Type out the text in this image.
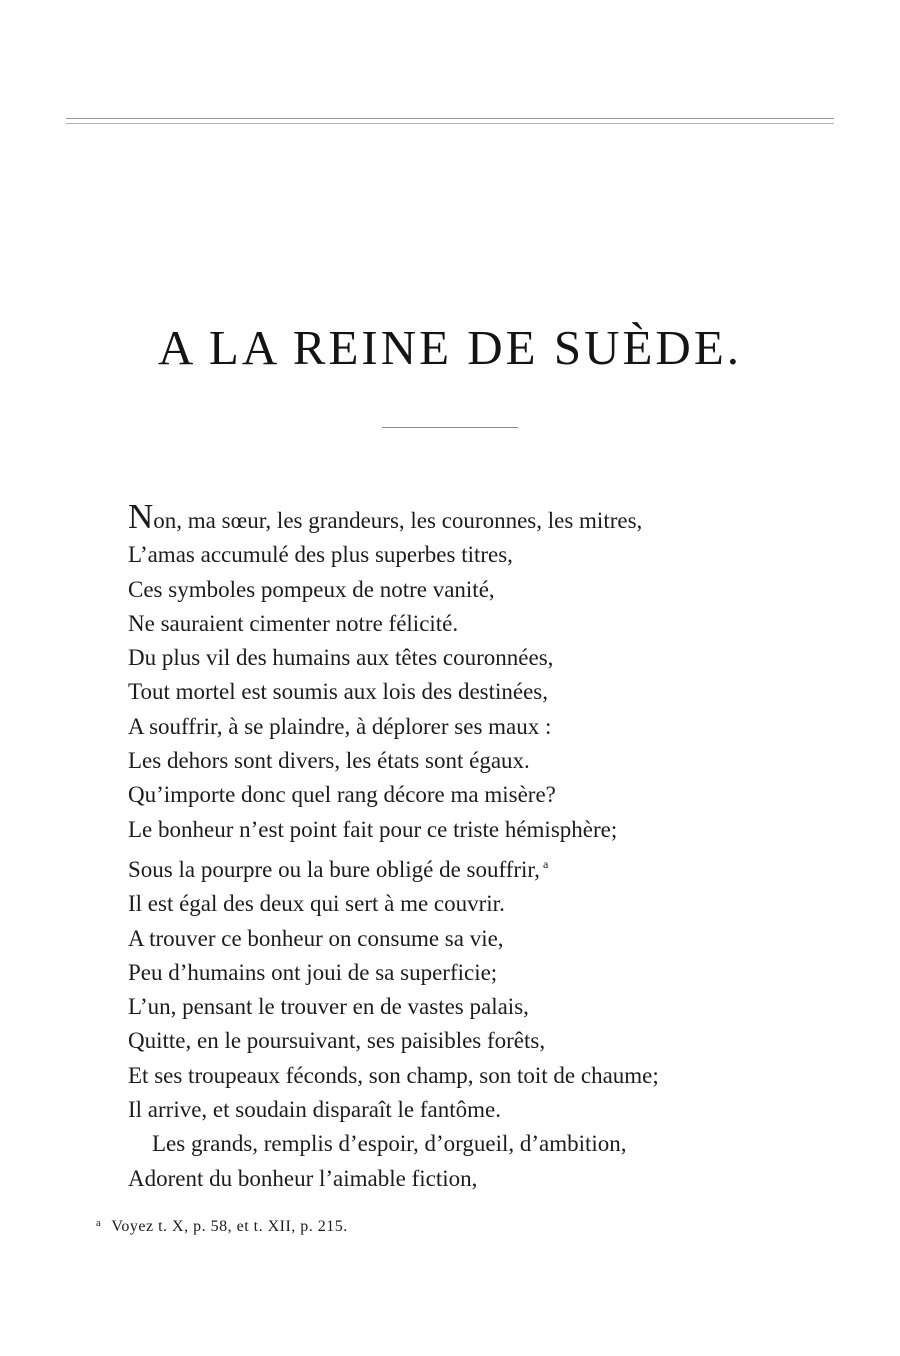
A LA REINE DE SUÈDE.
Non, ma sœur, les grandeurs, les couronnes, les mitres,
L’amas accumulé des plus superbes titres,
Ces symboles pompeux de notre vanité,
Ne sauraient cimenter notre félicité.
Du plus vil des humains aux têtes couronnées,
Tout mortel est soumis aux lois des destinées,
A souffrir, à se plaindre, à déplorer ses maux :
Les dehors sont divers, les états sont égaux.
Qu’importe donc quel rang décore ma misère?
Le bonheur n’est point fait pour ce triste hémisphère;
Sous la pourpre ou la bure obligé de souffrir, $^a$
Il est égal des deux qui sert à me couvrir.
A trouver ce bonheur on consume sa vie,
Peu d’humains ont joui de sa superficie;
L’un, pensant le trouver en de vastes palais,
Quitte, en le poursuivant, ses paisibles forêts,
Et ses troupeaux féconds, son champ, son toit de chaume;
Il arrive, et soudain disparaît le fantôme.
Les grands, remplis d’espoir, d’orgueil, d’ambition,
Adorent du bonheur l’aimable fiction,
$^a$ Voyez t. X, p. 58, et t. XII, p. 215.
